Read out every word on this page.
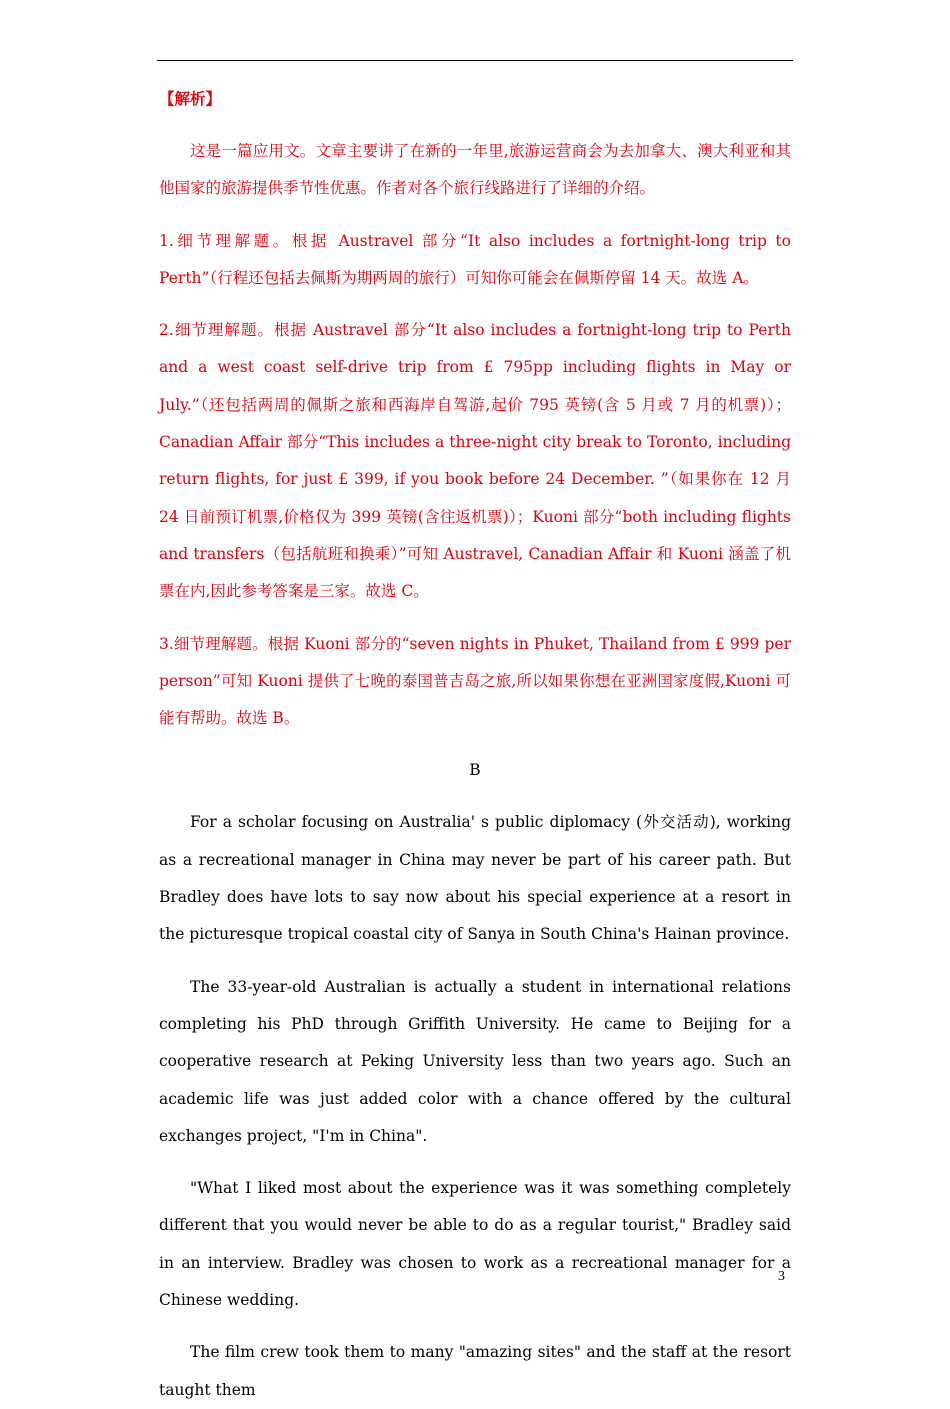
【解析】

这是一篇应用文。文章主要讲了在新的一年里,旅游运营商会为去加拿大、澳大利亚和其他国家的旅游提供季节性优惠。作者对各个旅行线路进行了详细的介绍。

1.细节理解题。根据 Austravel 部分“It also includes a fortnight-long trip to Perth”（行程还包括去佩斯为期两周的旅行）可知你可能会在佩斯停留 14 天。故选 A。

2.细节理解题。根据 Austravel 部分“It also includes a fortnight-long trip to Perth and a west coast self-drive trip from £ 795pp including flights in May or July.”（还包括两周的佩斯之旅和西海岸自驾游,起价 795 英镑(含 5 月或 7 月的机票)）；Canadian Affair 部分“This includes a three-night city break to Toronto, including return flights, for just £ 399, if you book before 24 December. ”（如果你在 12 月 24 日前预订机票,价格仅为 399 英镑(含往返机票)）；Kuoni 部分“both including flights and transfers（包括航班和换乘）”可知 Austravel, Canadian Affair 和 Kuoni 涵盖了机票在内,因此参考答案是三家。故选 C。

3.细节理解题。根据 Kuoni 部分的“seven nights in Phuket, Thailand from £ 999 per person”可知 Kuoni 提供了七晚的泰国普吉岛之旅,所以如果你想在亚洲国家度假,Kuoni 可能有帮助。故选 B。

B

For a scholar focusing on Australia' s public diplomacy (外交活动), working as a recreational manager in China may never be part of his career path. But Bradley does have lots to say now about his special experience at a resort in the picturesque tropical coastal city of Sanya in South China's Hainan province.

The 33-year-old Australian is actually a student in international relations completing his PhD through Griffith University. He came to Beijing for a cooperative research at Peking University less than two years ago. Such an academic life was just added color with a chance offered by the cultural exchanges project, "I'm in China".

"What I liked most about the experience was it was something completely different that you would never be able to do as a regular tourist," Bradley said in an interview. Bradley was chosen to work as a recreational manager for a Chinese wedding.

The film crew took them to many "amazing sites" and the staff at the resort taught them

3
